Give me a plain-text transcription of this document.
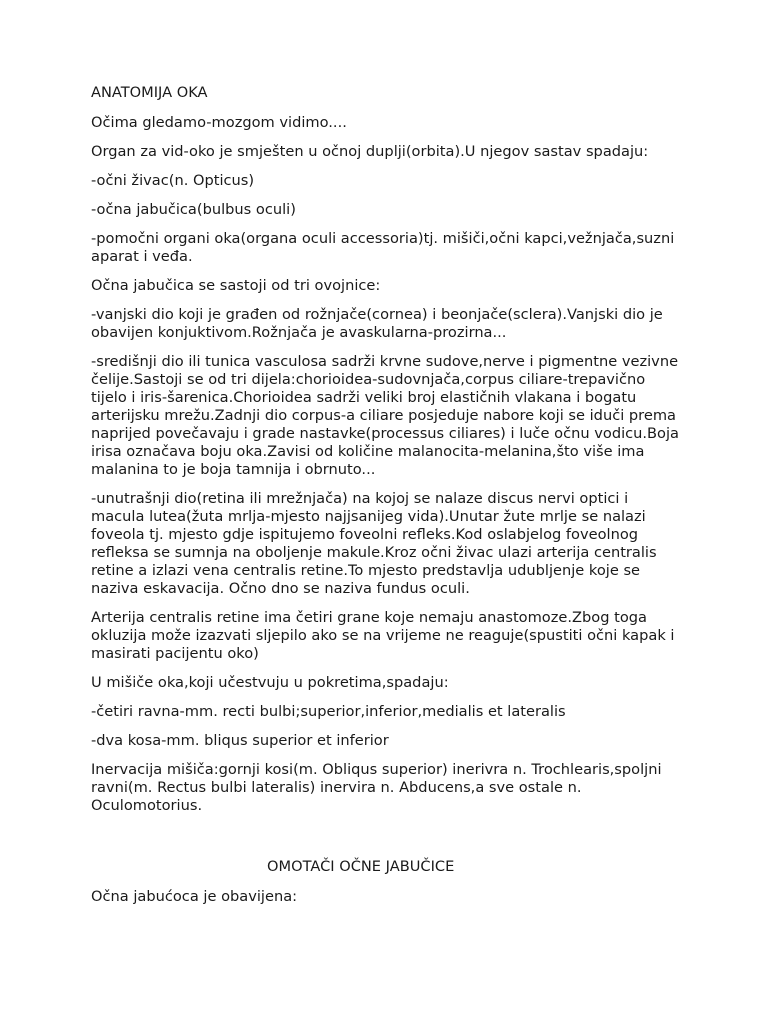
ANATOMIJA OKA
Očima gledamo-mozgom vidimo....
Organ za vid-oko je smješten u očnoj duplji(orbita).U njegov sastav spadaju:
-očni živac(n. Opticus)
-očna jabučica(bulbus oculi)
-pomočni organi oka(organa oculi accessoria)tj. mišiči,očni kapci,vežnjača,suzni aparat i veđa.
Očna jabučica se sastoji od tri ovojnice:
-vanjski dio koji je građen od rožnjače(cornea) i beonjače(sclera).Vanjski dio je obavijen konjuktivom.Rožnjača je avaskularna-prozirna...
-središnji dio ili tunica vasculosa sadrži krvne sudove,nerve i pigmentne vezivne čelije.Sastoji se od tri dijela:chorioidea-sudovnjača,corpus ciliare-trepavično tijelo i iris-šarenica.Chorioidea sadrži veliki broj elastičnih vlakana i bogatu arterijsku mrežu.Zadnji dio corpus-a ciliare posjeduje nabore koji se iduči prema naprijed povečavaju i grade nastavke(processus ciliares) i luče očnu vodicu.Boja irisa označava boju oka.Zavisi od količine malanocita-melanina,što više ima malanina to je boja tamnija i obrnuto...
-unutrašnji dio(retina ili mrežnjača) na kojoj se nalaze discus nervi optici i macula lutea(žuta mrlja-mjesto najjsanijeg vida).Unutar žute mrlje se nalazi foveola tj. mjesto gdje ispitujemo foveolni refleks.Kod oslabjelog foveolnog refleksa se sumnja na oboljenje makule.Kroz očni živac ulazi arterija centralis retine a izlazi vena centralis retine.To mjesto predstavlja udubljenje koje se naziva eskavacija. Očno dno se naziva fundus oculi.
Arterija centralis retine ima četiri grane koje nemaju anastomoze.Zbog toga okluzija može izazvati sljepilo ako se na vrijeme ne reaguje(spustiti očni kapak i masirati pacijentu oko)
U mišiče oka,koji učestvuju u pokretima,spadaju:
-četiri ravna-mm. recti bulbi;superior,inferior,medialis et lateralis
-dva kosa-mm. bliqus superior et inferior
Inervacija mišiča:gornji kosi(m. Obliqus superior) inerivra n. Trochlearis,spoljni ravni(m. Rectus bulbi lateralis) inervira n. Abducens,a sve ostale n. Oculomotorius.
OMOTAČI OČNE JABUČICE
Očna jabućoca je obavijena:
